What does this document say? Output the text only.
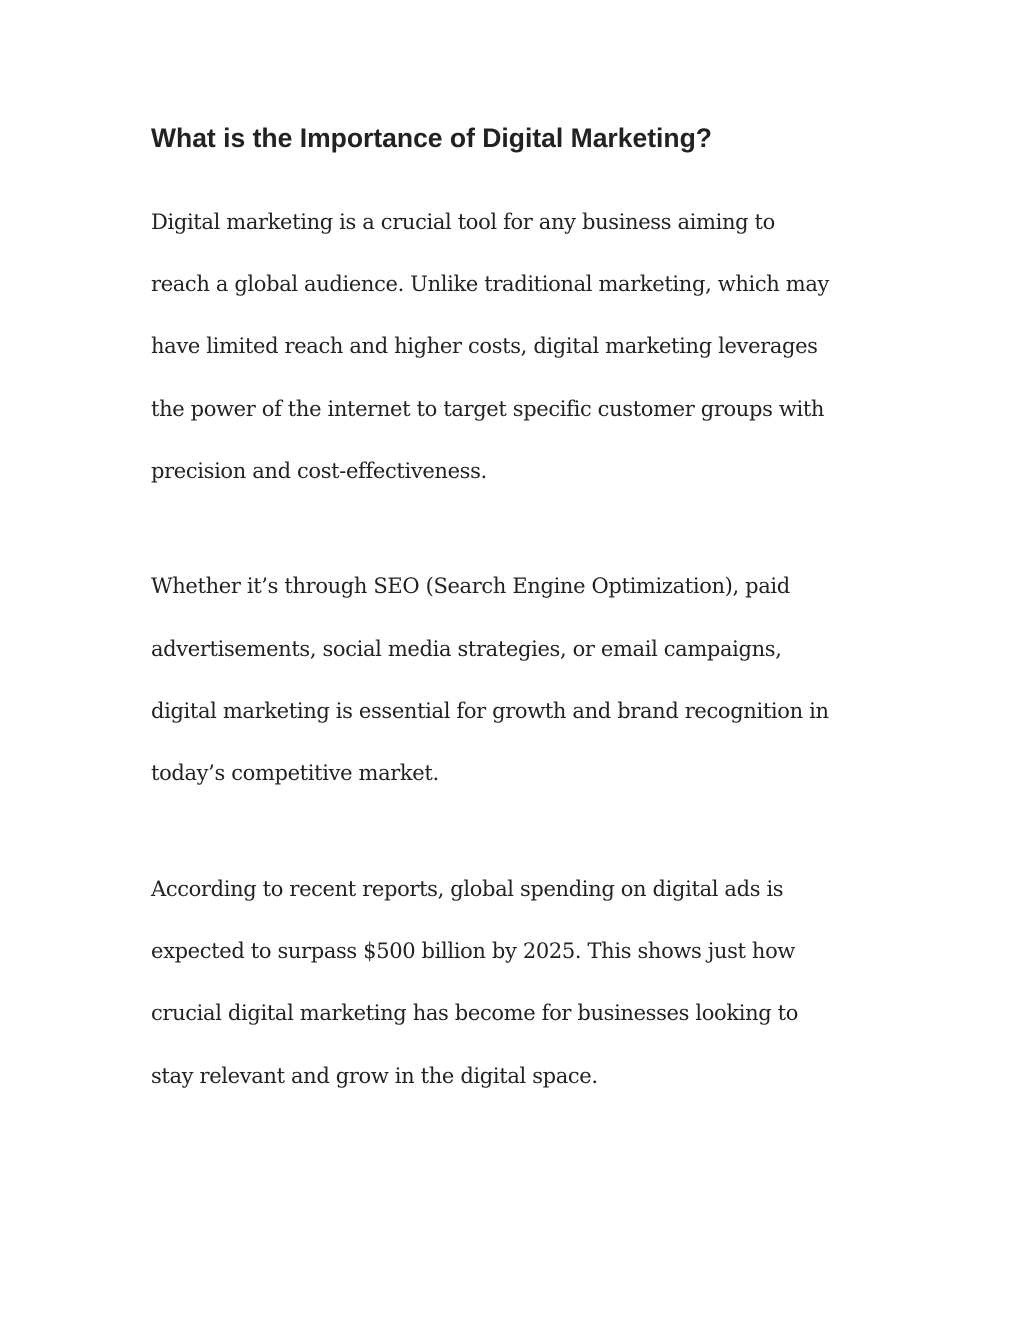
What is the Importance of Digital Marketing?

Digital marketing is a crucial tool for any business aiming to

reach a global audience. Unlike traditional marketing, which may

have limited reach and higher costs, digital marketing leverages

the power of the internet to target specific customer groups with

precision and cost-effectiveness.

Whether it’s through SEO (Search Engine Optimization), paid

advertisements, social media strategies, or email campaigns,

digital marketing is essential for growth and brand recognition in

today’s competitive market.

According to recent reports, global spending on digital ads is

expected to surpass $500 billion by 2025. This shows just how

crucial digital marketing has become for businesses looking to

stay relevant and grow in the digital space.
